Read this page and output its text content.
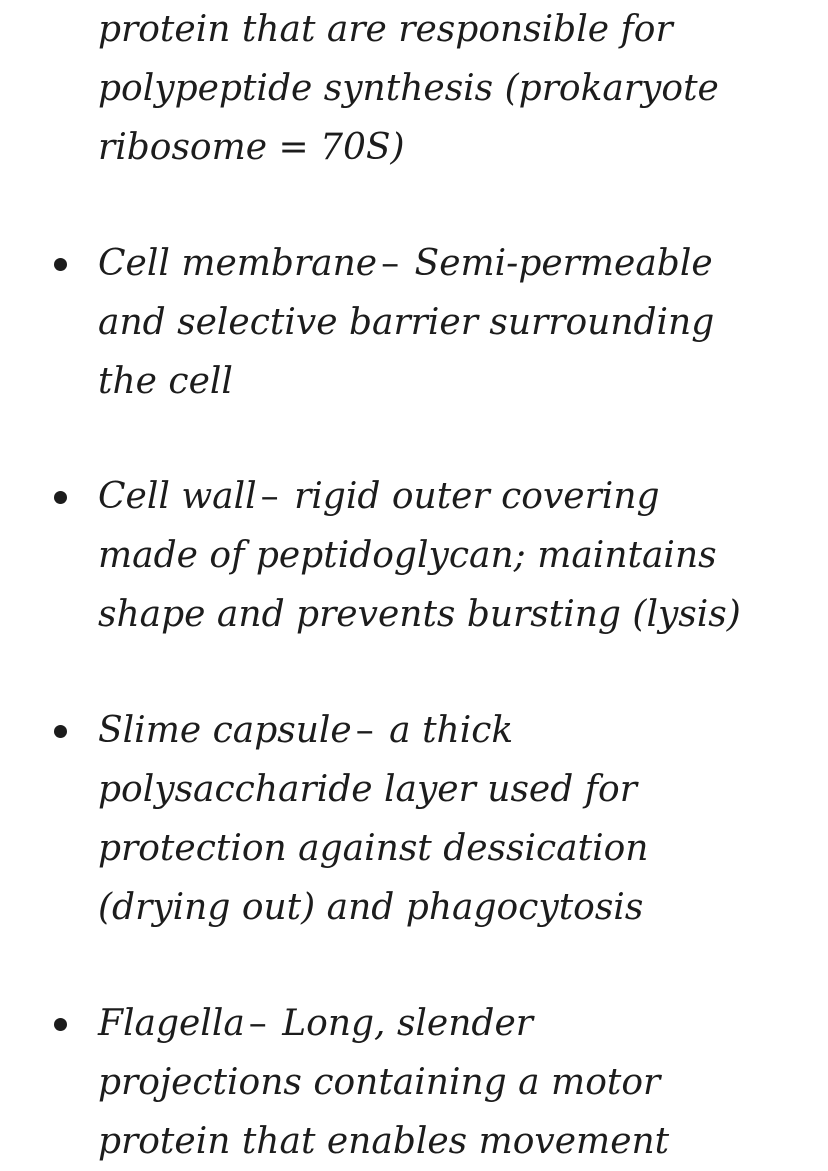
protein that are responsible for
polypeptide synthesis (prokaryote
ribosome = 70S)

Cell membrane – Semi-permeable
and selective barrier surrounding
the cell

Cell wall – rigid outer covering
made of peptidoglycan; maintains
shape and prevents bursting (lysis)

Slime capsule – a thick
polysaccharide layer used for
protection against dessication
(drying out) and phagocytosis

Flagella – Long, slender
projections containing a motor
protein that enables movement
